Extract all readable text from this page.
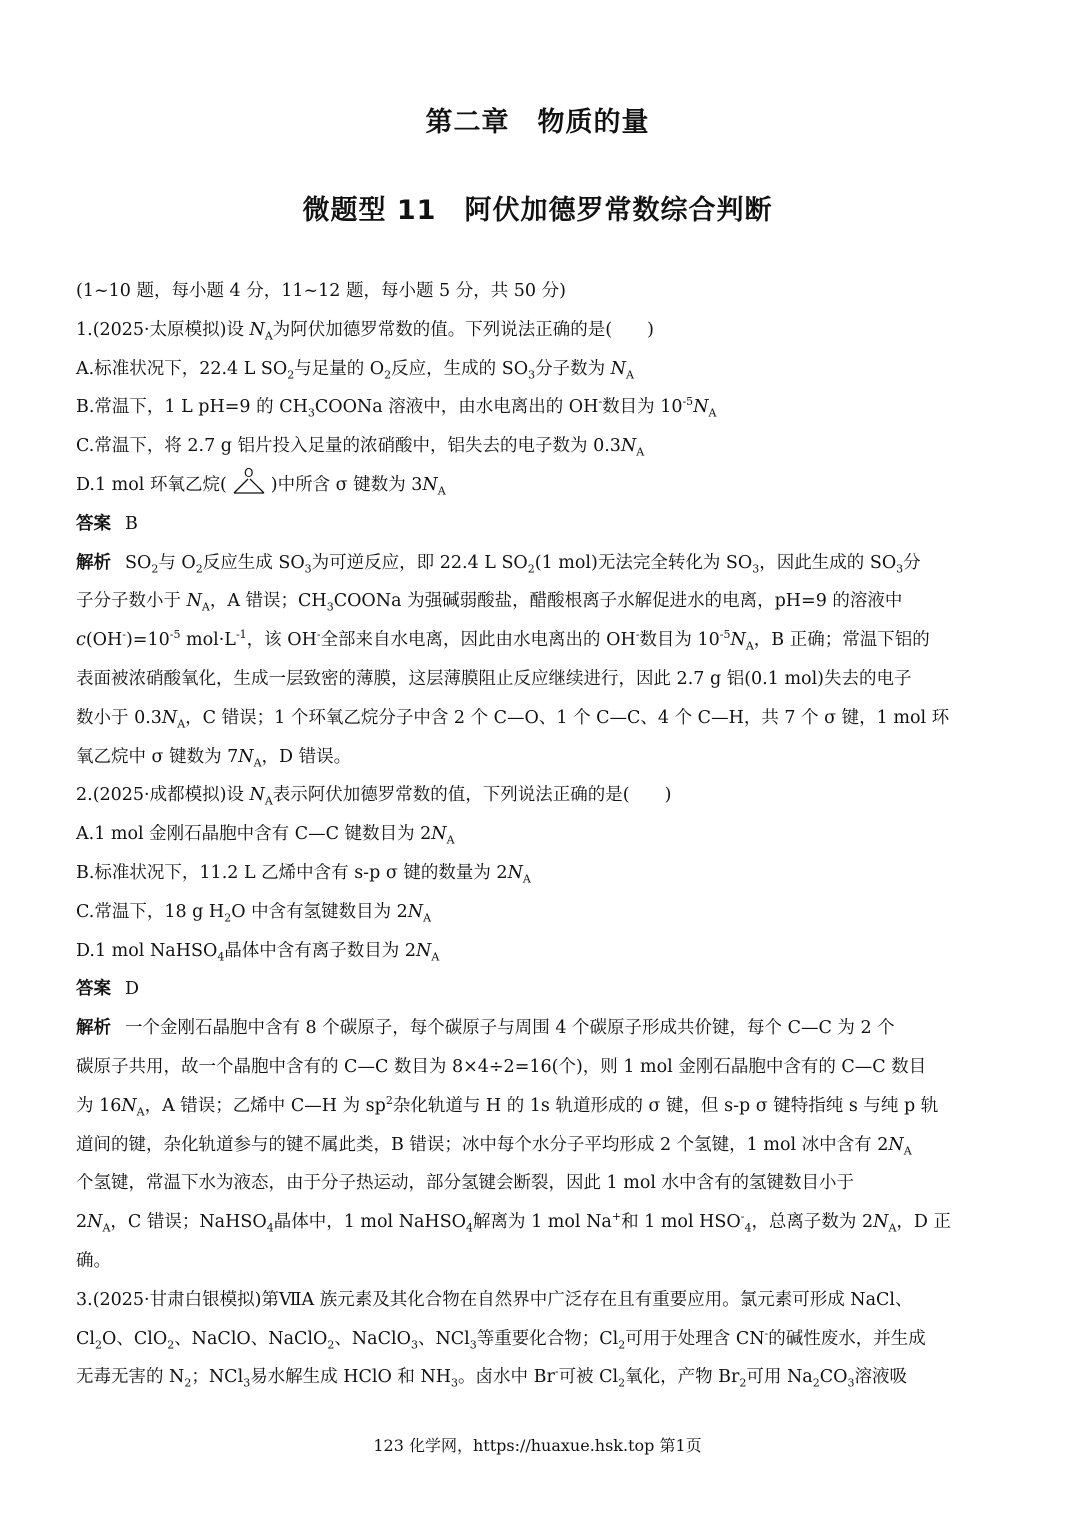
第二章　物质的量
微题型 11　阿伏加德罗常数综合判断
(1~10 题，每小题 4 分，11~12 题，每小题 5 分，共 50 分)
1.(2025·太原模拟)设 $N_A$为阿伏加德罗常数的值。下列说法正确的是(　　)
A.标准状况下，22.4 L $SO_2$与足量的 $O_2$反应，生成的 $SO_3$分子数为 $N_A$
B.常温下，1 L pH=9 的 $CH_3COONa$ 溶液中，由水电离出的 OH-数目为 $10^{-5}N_A$
C.常温下，将 2.7 g 铝片投入足量的浓硝酸中，铝失去的电子数为 $0.3N_A$
D.1 mol 环氧乙烷(
O
)中所含 σ 键数为 $3N_A$
答案 B
解析 $SO_2$与 $O_2$反应生成 $SO_3$为可逆反应，即 22.4 L $SO_2(1$ mol)无法完全转化为 $SO_3$，因此生成的 $SO_3$分
子分子数小于 $N_A$，A 错误；$CH_3COONa$ 为强碱弱酸盐，醋酸根离子水解促进水的电离，pH=9 的溶液中
$c(OH^-)=10^{-5}$ $mol\cdot L^{-1}$，该 OH-全部来自水电离，因此由水电离出的 OH-数目为 $10^{-5}N_A$，B 正确；常温下铝的
表面被浓硝酸氧化，生成一层致密的薄膜，这层薄膜阻止反应继续进行，因此 2.7 g 铝(0.1 mol)失去的电子
数小于 $0.3N_A$，C 错误；1 个环氧乙烷分子中含 2 个 C—O、1 个 C—C、4 个 C—H，共 7 个 σ 键，1 mol 环
氧乙烷中 σ 键数为 $7N_A$，D 错误。
2.(2025·成都模拟)设 $N_A$表示阿伏加德罗常数的值，下列说法正确的是(　　)
A.1 mol 金刚石晶胞中含有 C—C 键数目为 $2N_A$
B.标准状况下，11.2 L 乙烯中含有 s-p σ 键的数量为 $2N_A$
C.常温下，18 g $H_2O$ 中含有氢键数目为 $2N_A$
D.1 mol NaHSO$_4$晶体中含有离子数目为 $2N_A$
答案 D
解析 一个金刚石晶胞中含有 8 个碳原子，每个碳原子与周围 4 个碳原子形成共价键，每个 C—C 为 2 个
碳原子共用，故一个晶胞中含有的 C—C 数目为 8×4÷2=16(个)，则 1 mol 金刚石晶胞中含有的 C—C 数目
为 $16N_A$，A 错误；乙烯中 C—H 为 $sp^2$杂化轨道与 H 的 1s 轨道形成的 σ 键，但 s-p σ 键特指纯 s 与纯 p 轨
道间的键，杂化轨道参与的键不属此类，B 错误；冰中每个水分子平均形成 2 个氢键，1 mol 冰中含有 $2N_A$
个氢键，常温下水为液态，由于分子热运动，部分氢键会断裂，因此 1 mol 水中含有的氢键数目小于
$2N_A$，C 错误；NaHSO$_4$晶体中，1 mol NaHSO$_4$解离为 1 mol Na+和 1 mol $HSO^-_4$，总离子数为 $2N_A$，D 正
确。
3.(2025·甘肃白银模拟)第ⅦA 族元素及其化合物在自然界中广泛存在且有重要应用。氯元素可形成 NaCl、
$Cl_2O$、ClO$_2$、NaClO、NaClO$_2$、NaClO$_3$、NCl$_3$等重要化合物；$Cl_2$可用于处理含 CN-的碱性废水，并生成
无毒无害的 $N_2$；NCl$_3$易水解生成 HClO 和 $NH_3$。卤水中 Br-可被 $Cl_2$氧化，产物 $Br_2$可用 $Na_2CO_3$溶液吸
123 化学网，https://huaxue.hsk.top 第1页
